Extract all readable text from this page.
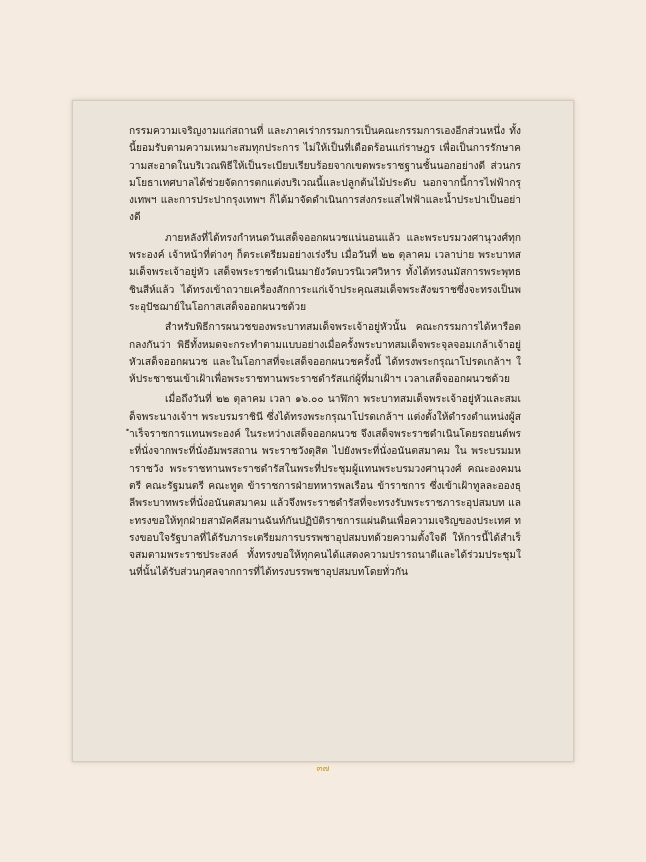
กรรมความเจริญงามแก่สถานที่ และภาคเร่ากรรมการเป็นคณะกรรมการเองอีกส่วนหนึ่ง ทั้งนี้ยอมรับตามความเหมาะสมทุกประการ ไม่ให้เป็นที่เดือดร้อนแก่ราษฎร เพื่อเป็นการรักษาความสะอาดในบริเวณพิธีให้เป็นระเบียบเรียบร้อยจากเขตพระราชฐานชั้นนอกอย่างดี ส่วนกรมโยธาเทศบาลได้ช่วยจัดการตกแต่งบริเวณนี้และปลูกต้นไม้ประดับ นอกจากนี้การไฟฟ้ากรุงเทพฯ และการประปากรุงเทพฯ ก็ได้มาจัดดำเนินการส่งกระแสไฟฟ้าและน้ำประปาเป็นอย่างดี

ภายหลังที่ได้ทรงกำหนดวันเสด็จออกผนวชแน่นอนแล้ว และพระบรมวงศานุวงศ์ทุกพระองค์ เจ้าหน้าที่ต่างๆ ก็ตระเตรียมอย่างเร่งรีบ เมื่อวันที่ ๒๒ ตุลาคม เวลาบ่าย พระบาทสมเด็จพระเจ้าอยู่หัว เสด็จพระราชดำเนินมายังวัดบวรนิเวศวิหาร ทั้งได้ทรงนมัสการพระพุทธชินสีห์แล้ว ได้ทรงเข้าถวายเครื่องสักการะแก่เจ้าประคุณสมเด็จพระสังฆราชซึ่งจะทรงเป็นพระอุปัชฌาย์ในโอกาสเสด็จออกผนวชด้วย

สำหรับพิธีการผนวชของพระบาทสมเด็จพระเจ้าอยู่หัวนั้น คณะกรรมการได้หารือตกลงกันว่า พิธีทั้งหมดจะกระทำตามแบบอย่างเมื่อครั้งพระบาทสมเด็จพระจุลจอมเกล้าเจ้าอยู่หัวเสด็จออกผนวช และในโอกาสที่จะเสด็จออกผนวชครั้งนี้ ได้ทรงพระกรุณาโปรดเกล้าฯ ให้ประชาชนเข้าเฝ้าเพื่อพระราชทานพระราชดำรัสแก่ผู้ที่มาเฝ้าฯ เวลาเสด็จออกผนวชด้วย

เมื่อถึงวันที่ ๒๒ ตุลาคม เวลา ๑๖.๐๐ นาฬิกา พระบาทสมเด็จพระเจ้าอยู่หัวและสมเด็จพระนางเจ้าฯ พระบรมราชินี ซึ่งได้ทรงพระกรุณาโปรดเกล้าฯ แต่งตั้งให้ดำรงตำแหน่งผู้สำเร็จราชการแทนพระองค์ ในระหว่างเสด็จออกผนวช จึงเสด็จพระราชดำเนินโดยรถยนต์พระที่นั่งจากพระที่นั่งอัมพรสถาน พระราชวังดุสิต ไปยังพระที่นั่งอนันตสมาคม ใน พระบรมมหาราชวัง พระราชทานพระราชดำรัสในพระที่ประชุมผู้แทนพระบรมวงศานุวงศ์ คณะองคมนตรี คณะรัฐมนตรี คณะทูต ข้าราชการฝ่ายทหารพลเรือน ข้าราชการ ซึ่งเข้าเฝ้าทูลละอองธุลีพระบาทพระที่นั่งอนันตสมาคม แล้วจึงพระราชดำรัสที่จะทรงรับพระราชภาระอุปสมบท และทรงขอให้ทุกฝ่ายสามัคคีสมานฉันท์กันปฏิบัติราชการแผ่นดินเพื่อความเจริญของประเทศ ทรงขอบใจรัฐบาลที่ได้รับภาระเตรียมการบรรพชาอุปสมบทด้วยความตั้งใจดี ให้การนี้ได้สำเร็จสมตามพระราชประสงค์ ทั้งทรงขอให้ทุกคนได้แสดงความปรารถนาดีและได้ร่วมประชุมในที่นั้นได้รับส่วนกุศลจากการที่ได้ทรงบรรพชาอุปสมบทโดยทั่วกัน

๓๗
